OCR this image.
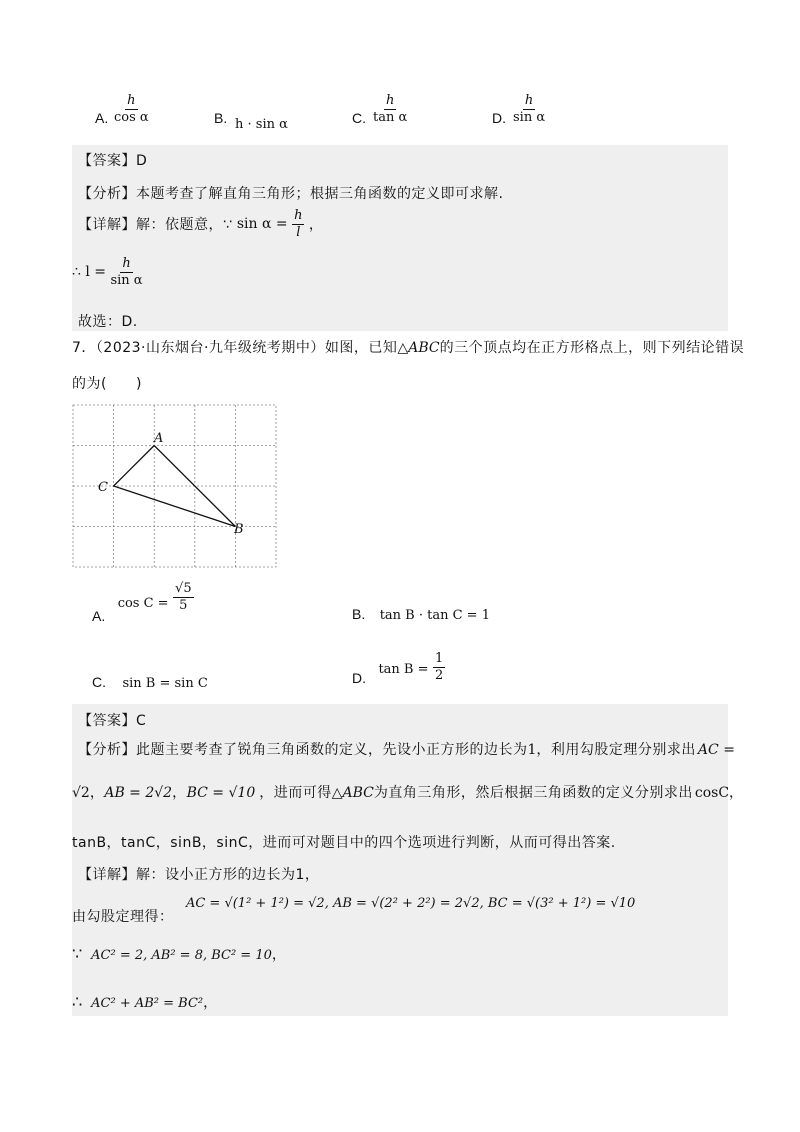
A. $\frac{h}{\text{cos α}}$	B. h · sin α	C. $\frac{h}{\text{tan α}}$	D. $\frac{h}{\text{sin α}}$
【答案】D
【分析】本题考查了解直角三角形；根据三角函数的定义即可求解.
【详解】解：依题意，∵ $\sin \alpha = \frac{h}{l}$ ，
∴ $l = \frac{h}{\text{sin α}}$
故选：D.
7．（2023·山东烟台·九年级统考期中）如图，已知△ABC的三个顶点均在正方形格点上，则下列结论错误
的为(　　)
A
C
B
A. $\cos C = \frac{√5}{5}$
B. tan B · tan C = 1
C. sin B = sin C	D. $\tan B = \frac{1}{2}$
【答案】C
【分析】此题主要考查了锐角三角函数的定义，先设小正方形的边长为1，利用勾股定理分别求出 AC =
√2，AB = 2√2，BC = √10 ，进而可得△ABC为直角三角形，然后根据三角函数的定义分别求出 cosC，
tanB，tanC，sinB，sinC，进而可对题目中的四个选项进行判断，从而可得出答案.
【详解】解：设小正方形的边长为1，
由勾股定理得： AC = √(1² + 1²) = √2, AB = √(2² + 2²) = 2√2, BC = √(3² + 1²) = √10
∵ AC² = 2, AB² = 8, BC² = 10，
∴ AC² + AB² = BC²，
